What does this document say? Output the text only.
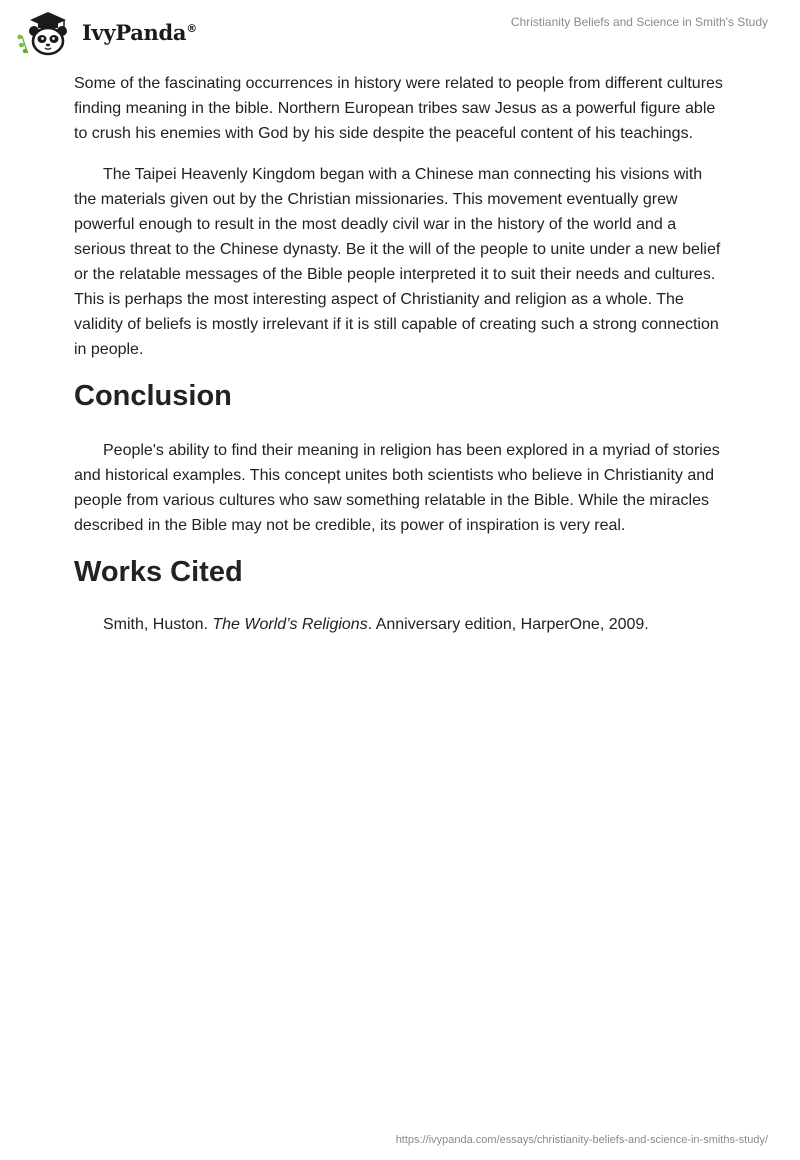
IvyPanda®	Christianity Beliefs and Science in Smith's Study

Some of the fascinating occurrences in history were related to people from different cultures finding meaning in the bible. Northern European tribes saw Jesus as a powerful figure able to crush his enemies with God by his side despite the peaceful content of his teachings.

The Taipei Heavenly Kingdom began with a Chinese man connecting his visions with the materials given out by the Christian missionaries. This movement eventually grew powerful enough to result in the most deadly civil war in the history of the world and a serious threat to the Chinese dynasty. Be it the will of the people to unite under a new belief or the relatable messages of the Bible people interpreted it to suit their needs and cultures. This is perhaps the most interesting aspect of Christianity and religion as a whole. The validity of beliefs is mostly irrelevant if it is still capable of creating such a strong connection in people.

Conclusion

People's ability to find their meaning in religion has been explored in a myriad of stories and historical examples. This concept unites both scientists who believe in Christianity and people from various cultures who saw something relatable in the Bible. While the miracles described in the Bible may not be credible, its power of inspiration is very real.

Works Cited

Smith, Huston. The World’s Religions. Anniversary edition, HarperOne, 2009.

https://ivypanda.com/essays/christianity-beliefs-and-science-in-smiths-study/
